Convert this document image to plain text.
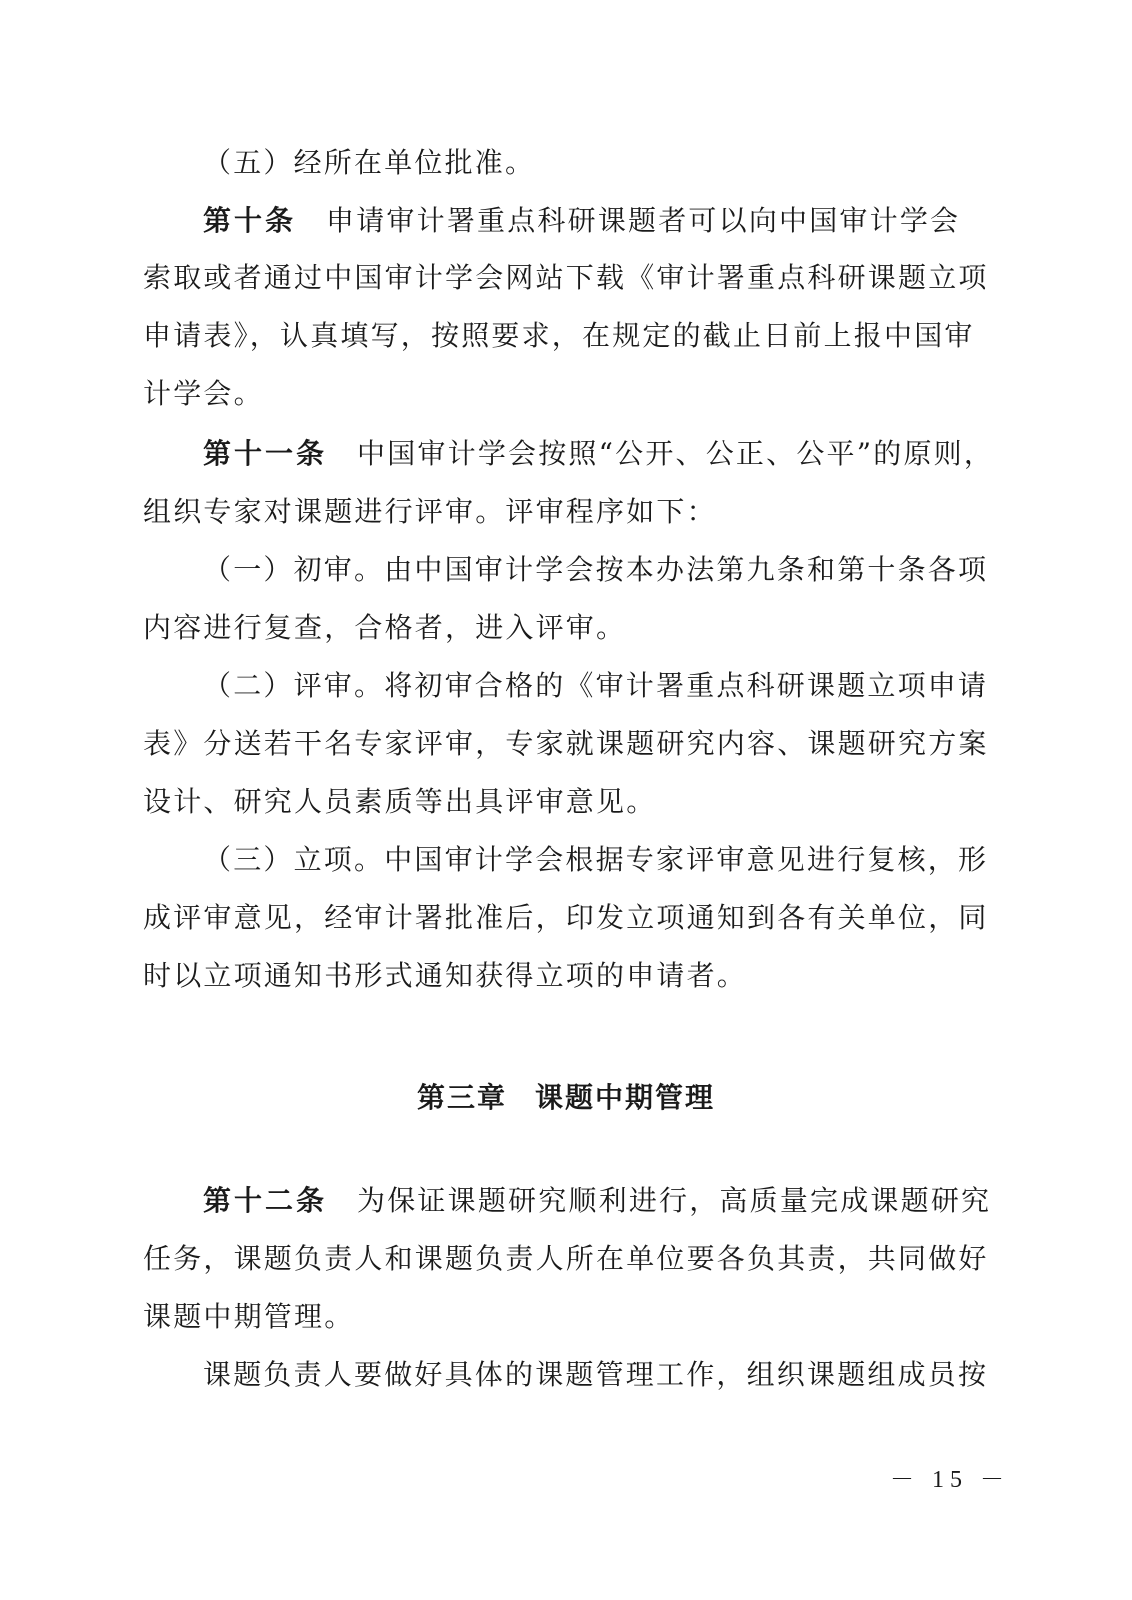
（五）经所在单位批准。
第十条 申请审计署重点科研课题者可以向中国审计学会
索取或者通过中国审计学会网站下载《审计署重点科研课题立项
申请表》，认真填写，按照要求，在规定的截止日前上报中国审
计学会。
第十一条 中国审计学会按照“公开、公正、公平”的原则，
组织专家对课题进行评审。评审程序如下：
（一）初审。由中国审计学会按本办法第九条和第十条各项
内容进行复查，合格者，进入评审。
（二）评审。将初审合格的《审计署重点科研课题立项申请
表》分送若干名专家评审，专家就课题研究内容、课题研究方案
设计、研究人员素质等出具评审意见。
（三）立项。中国审计学会根据专家评审意见进行复核，形
成评审意见，经审计署批准后，印发立项通知到各有关单位，同
时以立项通知书形式通知获得立项的申请者。
第三章 课题中期管理
第十二条 为保证课题研究顺利进行，高质量完成课题研究
任务，课题负责人和课题负责人所在单位要各负其责，共同做好
课题中期管理。
课题负责人要做好具体的课题管理工作，组织课题组成员按
－ 15 －
